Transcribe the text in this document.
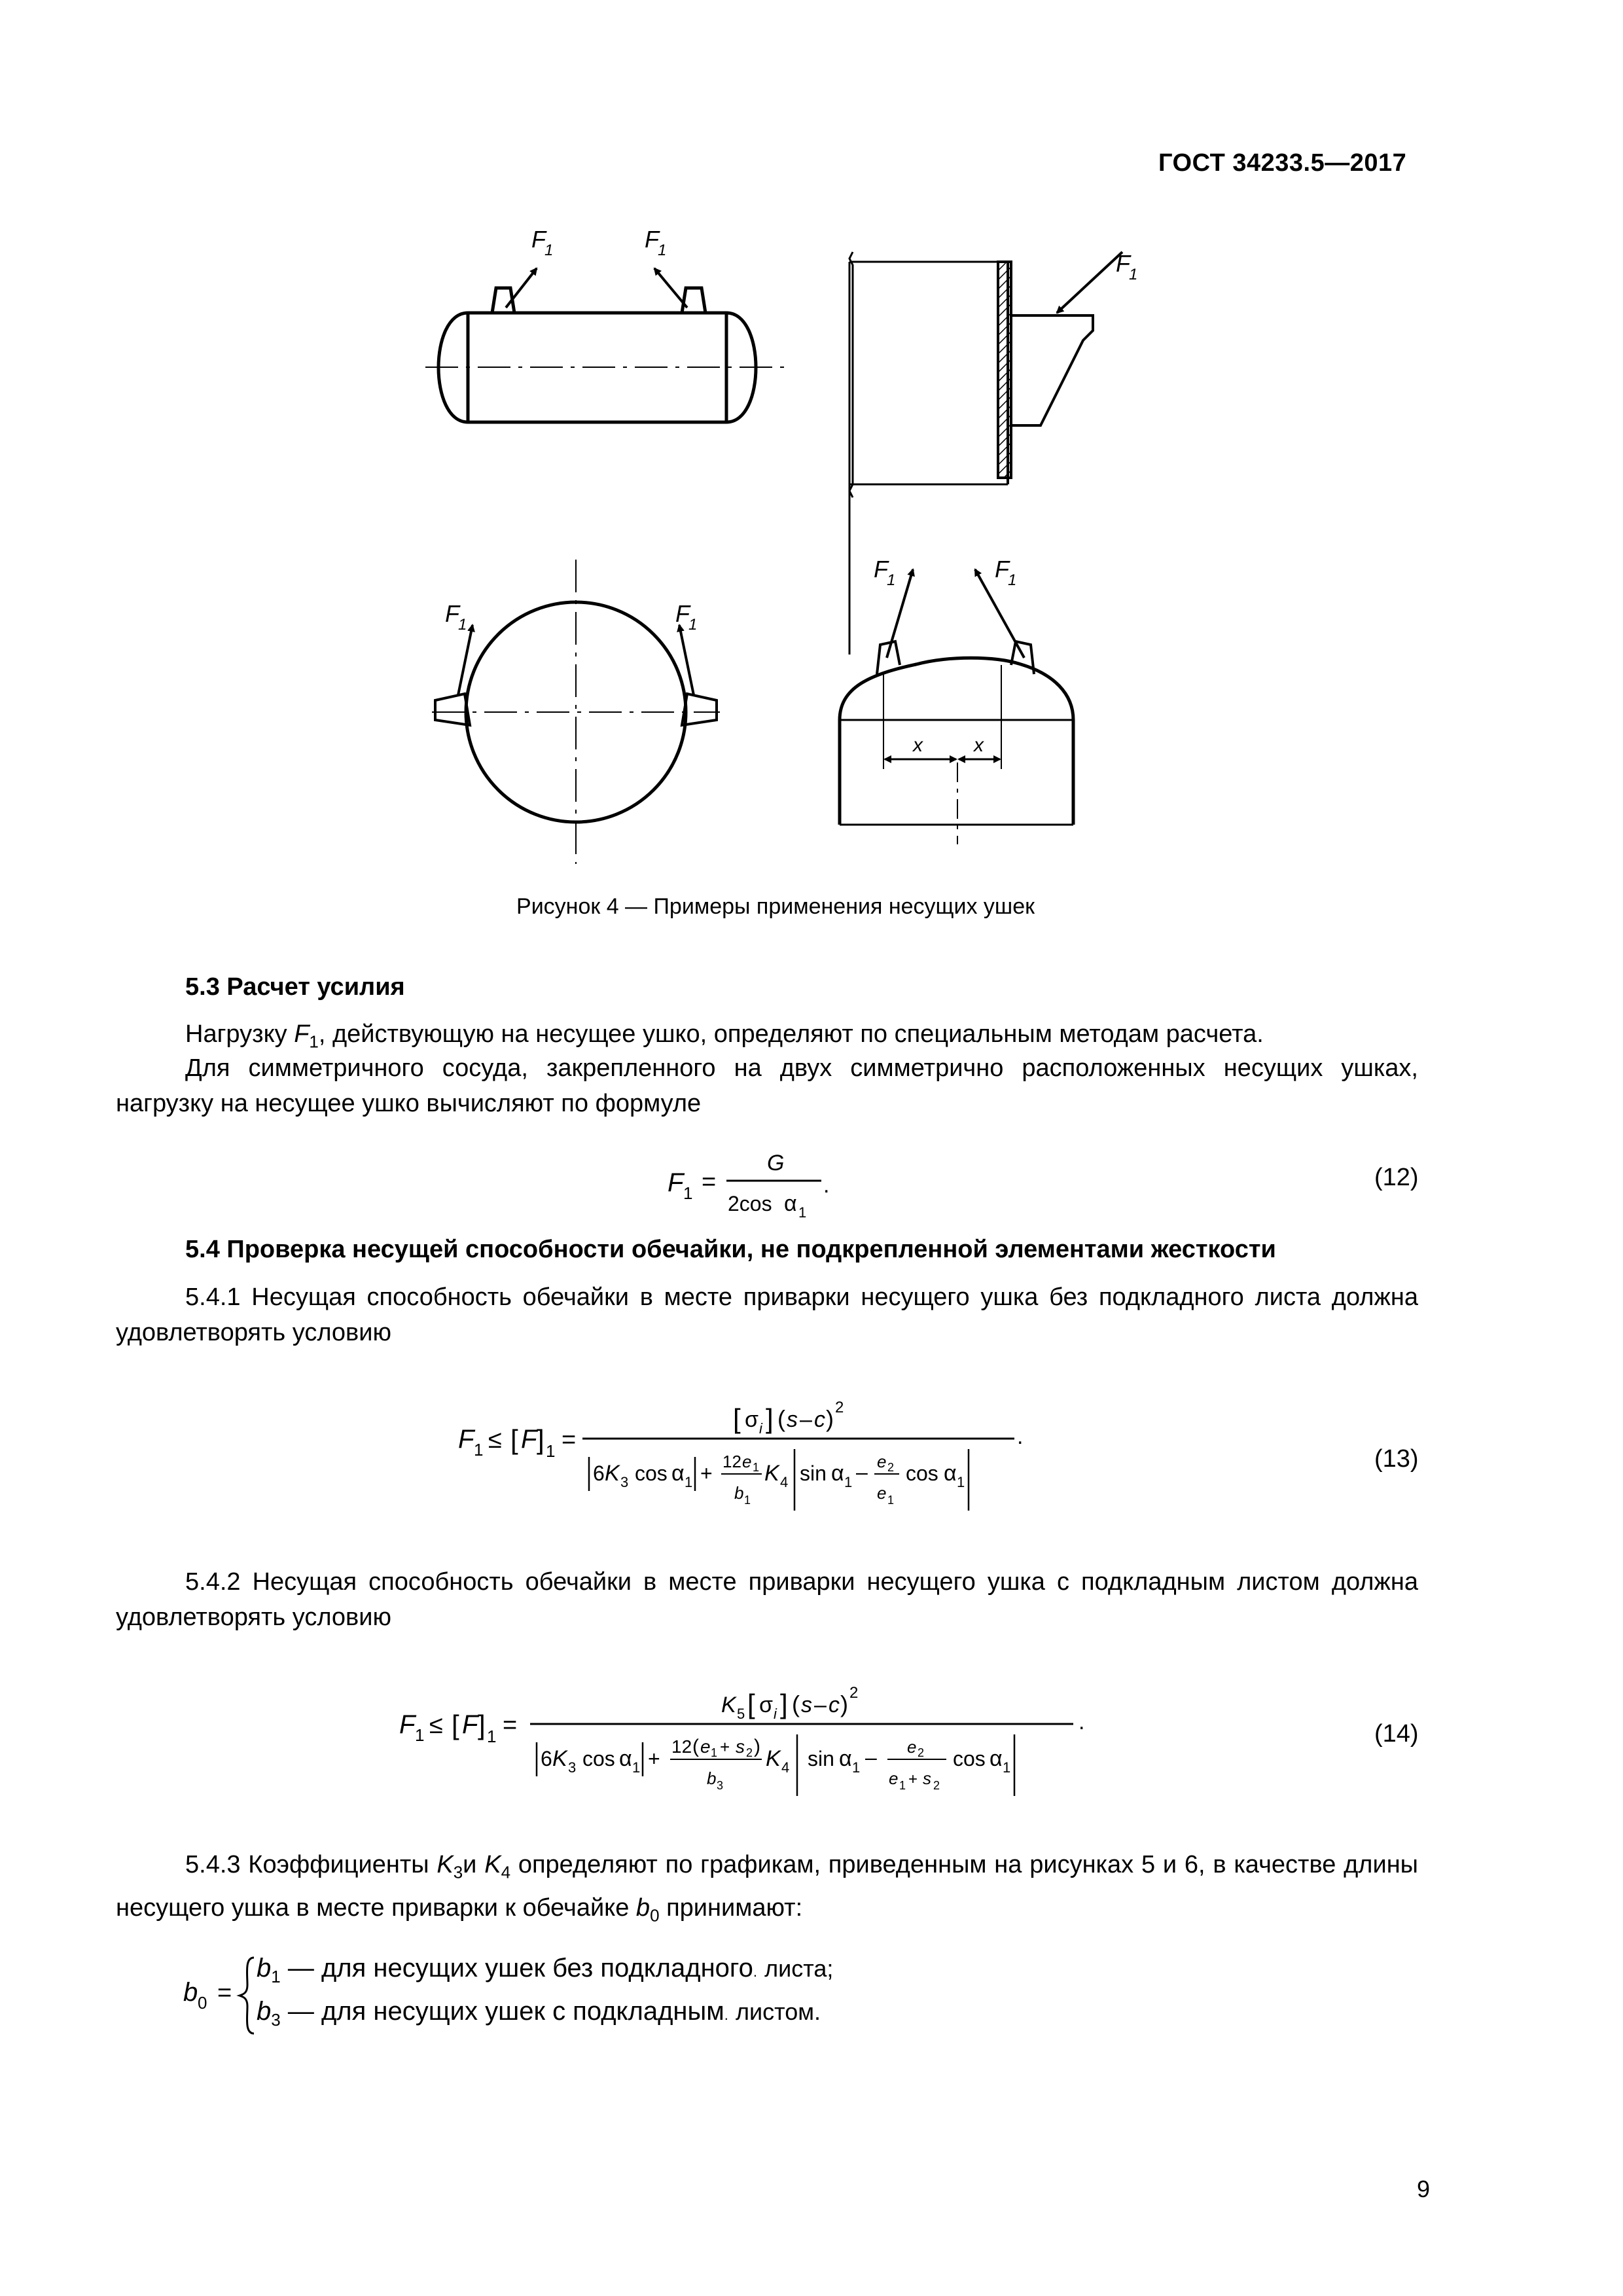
ГОСТ 34233.5—2017
F
1	F
1	F
1
F
1	F
1
F
1	F
1
x	x
Рисунок 4 — Примеры применения несущих ушек
5.3 Расчет усилия
Нагрузку $F_1$, действующую на несущее ушко, определяют по специальным методам расчета.
Для симметричного сосуда, закрепленного на двух симметрично расположенных несущих ушках, нагрузку на несущее ушко вычисляют по формуле
F 1 =
G
2cos α 1
.	(12)
5.4 Проверка несущей способности обечайки, не подкрепленной элементами жесткости
5.4.1 Несущая способность обечайки в месте приварки несущего ушка без подкладного листа должна удовлетворять условию
F 1 ≤ [ F ] 1 =
[ σ i ] ( s – c ) 2
6 K 3 cos α 1 + 12 e 1
b 1
K 4 sin α 1 – e 2
e 1
cos α 1
.
(13)
5.4.2 Несущая способность обечайки в месте приварки несущего ушка с подкладным листом должна удовлетворять условию
F 1 ≤ [ F ] 1 =
K 5 [ σ i ] ( s – c ) 2
6 K 3 cos α 1 +
12 ( e 1 + s 2 )
b 3
K 4 sin α 1 – e 2
e 1 + s 2
cos α 1
.	(14)
5.4.3 Коэффициенты $K_3и$ $K_4$ определяют по графикам, приведенным на рисунках 5 и 6, в качестве длины несущего ушка в месте приварки к обечайке $b_0$ принимают:
b 0 =
$b_1$ — для несущих ушек без подкладного. листа;
$b_3$ — для несущих ушек с подкладным. листом.
9
